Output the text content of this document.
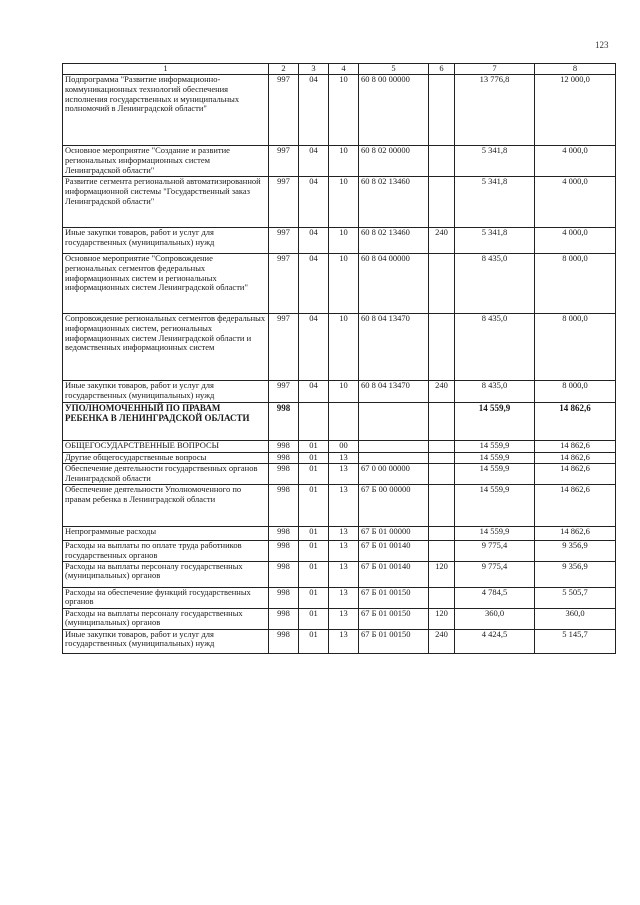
123
1	2	3	4	5	6	7	8
Подпрограмма "Развитие информационно-коммуникационных технологий обеспечения исполнения государственных и муниципальных полномочий в Ленинградской области"	997	04	10	60 8 00 00000		13 776,8	12 000,0
Основное мероприятие "Создание и развитие региональных информационных систем Ленинградской области"	997	04	10	60 8 02 00000		5 341,8	4 000,0
Развитие сегмента региональной автоматизированной информационной системы "Государственный заказ Ленинградской области"	997	04	10	60 8 02 13460		5 341,8	4 000,0
Иные закупки товаров, работ и услуг для государственных (муниципальных) нужд	997	04	10	60 8 02 13460	240	5 341,8	4 000,0
Основное мероприятие "Сопровождение региональных сегментов федеральных информационных систем и региональных информационных систем Ленинградской области"	997	04	10	60 8 04 00000		8 435,0	8 000,0
Сопровождение региональных сегментов федеральных информационных систем, региональных информационных систем Ленинградской области и ведомственных информационных систем	997	04	10	60 8 04 13470		8 435,0	8 000,0
Иные закупки товаров, работ и услуг для государственных (муниципальных) нужд	997	04	10	60 8 04 13470	240	8 435,0	8 000,0
УПОЛНОМОЧЕННЫЙ ПО ПРАВАМ РЕБЕНКА В ЛЕНИНГРАДСКОЙ ОБЛАСТИ	998					14 559,9	14 862,6
ОБЩЕГОСУДАРСТВЕННЫЕ ВОПРОСЫ	998	01	00			14 559,9	14 862,6
Другие общегосударственные вопросы	998	01	13			14 559,9	14 862,6
Обеспечение деятельности государственных органов Ленинградской области	998	01	13	67 0 00 00000		14 559,9	14 862,6
Обеспечение деятельности Уполномоченного по правам ребенка в Ленинградской области	998	01	13	67 Б 00 00000		14 559,9	14 862,6
Непрограммные расходы	998	01	13	67 Б 01 00000		14 559,9	14 862,6
Расходы на выплаты по оплате труда работников государственных органов	998	01	13	67 Б 01 00140		9 775,4	9 356,9
Расходы на выплаты персоналу государственных (муниципальных) органов	998	01	13	67 Б 01 00140	120	9 775,4	9 356,9
Расходы на обеспечение функций государственных органов	998	01	13	67 Б 01 00150		4 784,5	5 505,7
Расходы на выплаты персоналу государственных (муниципальных) органов	998	01	13	67 Б 01 00150	120	360,0	360,0
Иные закупки товаров, работ и услуг для государственных (муниципальных) нужд	998	01	13	67 Б 01 00150	240	4 424,5	5 145,7
